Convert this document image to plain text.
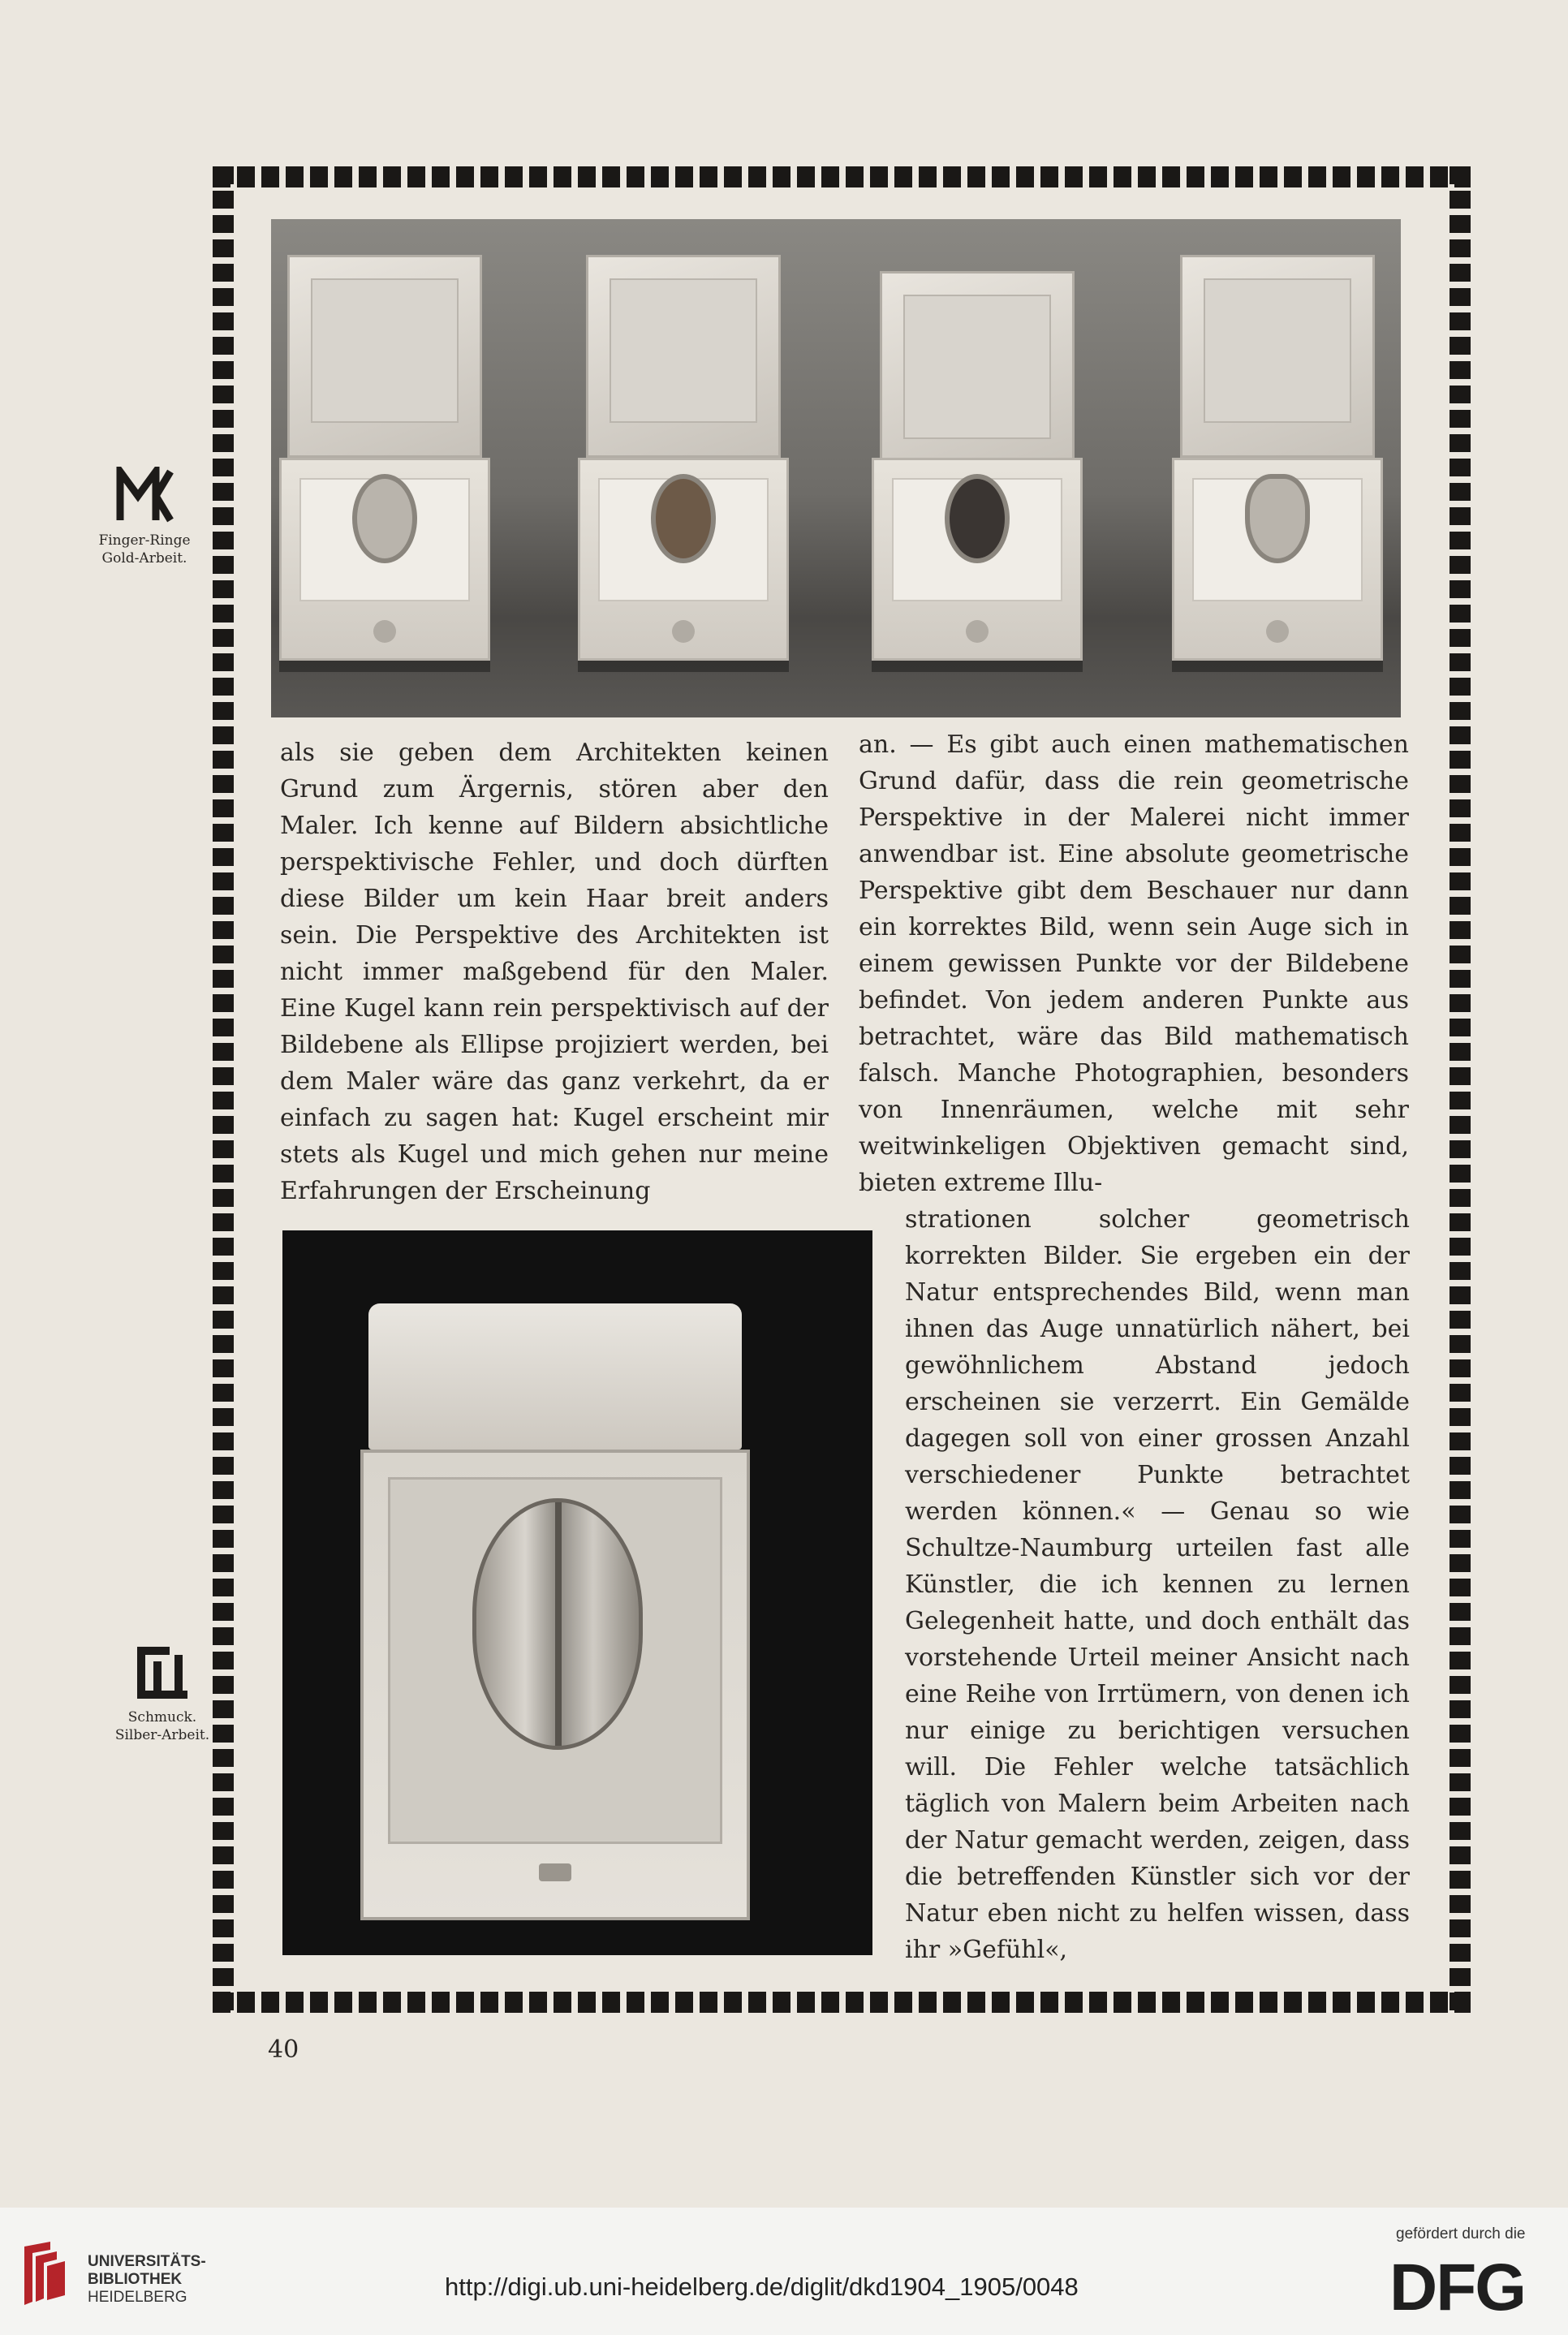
Finger-Ringe
Gold-Arbeit.
Schmuck.
Silber-Arbeit.

als sie geben dem Architekten keinen Grund zum Ärgernis, stören aber den Maler. Ich kenne auf Bildern absichtliche perspektivische Fehler, und doch dürften diese Bilder um kein Haar breit anders sein. Die Perspektive des Architekten ist nicht immer maßgebend für den Maler. Eine Kugel kann rein perspektivisch auf der Bildebene als Ellipse projiziert werden, bei dem Maler wäre das ganz verkehrt, da er einfach zu sagen hat: Kugel erscheint mir stets als Kugel und mich gehen nur meine Erfahrungen der Erscheinung

an. — Es gibt auch einen mathematischen Grund dafür, dass die rein geometrische Perspektive in der Malerei nicht immer anwendbar ist. Eine absolute geometrische Perspektive gibt dem Beschauer nur dann ein korrektes Bild, wenn sein Auge sich in einem gewissen Punkte vor der Bildebene befindet. Von jedem anderen Punkte aus betrachtet, wäre das Bild mathematisch falsch. Manche Photographien, besonders von Innenräumen, welche mit sehr weitwinkeligen Objektiven gemacht sind, bieten extreme Illu-

strationen solcher geometrisch korrekten Bilder. Sie ergeben ein der Natur entsprechendes Bild, wenn man ihnen das Auge unnatürlich nähert, bei gewöhnlichem Abstand jedoch erscheinen sie verzerrt. Ein Gemälde dagegen soll von einer grossen Anzahl verschiedener Punkte betrachtet werden können.« — Genau so wie Schultze-Naumburg urteilen fast alle Künstler, die ich kennen zu lernen Gelegenheit hatte, und doch enthält das vorstehende Urteil meiner Ansicht nach eine Reihe von Irrtümern, von denen ich nur einige zu berichtigen versuchen will. Die Fehler welche tatsächlich täglich von Malern beim Arbeiten nach der Natur gemacht werden, zeigen, dass die betreffenden Künstler sich vor der Natur eben nicht zu helfen wissen, dass ihr »Gefühl«,

40
UNIVERSITÄTS-
BIBLIOTHEK
HEIDELBERG	http://digi.ub.uni-heidelberg.de/diglit/dkd1904_1905/0048
gefördert durch die
DFG
